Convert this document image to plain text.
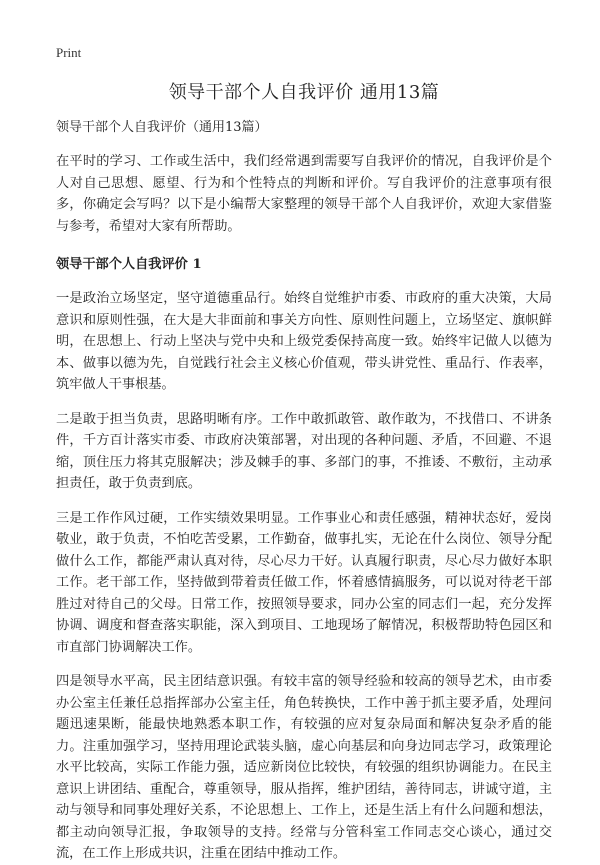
Print

领导干部个人自我评价 通用13篇

领导干部个人自我评价（通用13篇）

在平时的学习、工作或生活中，我们经常遇到需要写自我评价的情况，自我评价是个人对自己思想、愿望、行为和个性特点的判断和评价。写自我评价的注意事项有很多，你确定会写吗？以下是小编帮大家整理的领导干部个人自我评价，欢迎大家借鉴与参考，希望对大家有所帮助。

领导干部个人自我评价 1

一是政治立场坚定，坚守道德重品行。始终自觉维护市委、市政府的重大决策，大局意识和原则性强，在大是大非面前和事关方向性、原则性问题上，立场坚定、旗帜鲜明，在思想上、行动上坚决与党中央和上级党委保持高度一致。始终牢记做人以德为本、做事以德为先，自觉践行社会主义核心价值观，带头讲党性、重品行、作表率，筑牢做人干事根基。

二是敢于担当负责，思路明晰有序。工作中敢抓敢管、敢作敢为，不找借口、不讲条件，千方百计落实市委、市政府决策部署，对出现的各种问题、矛盾，不回避、不退缩，顶住压力将其克服解决；涉及棘手的事、多部门的事，不推诿、不敷衍，主动承担责任，敢于负责到底。

三是工作作风过硬，工作实绩效果明显。工作事业心和责任感强，精神状态好，爱岗敬业，敢于负责，不怕吃苦受累，工作勤奋，做事扎实，无论在什么岗位、领导分配做什么工作，都能严肃认真对待，尽心尽力干好。认真履行职责，尽心尽力做好本职工作。老干部工作，坚持做到带着责任做工作，怀着感情搞服务，可以说对待老干部胜过对待自己的父母。日常工作，按照领导要求，同办公室的同志们一起，充分发挥协调、调度和督查落实职能，深入到项目、工地现场了解情况，积极帮助特色园区和市直部门协调解决工作。

四是领导水平高，民主团结意识强。有较丰富的领导经验和较高的领导艺术，由市委办公室主任兼任总指挥部办公室主任，角色转换快，工作中善于抓主要矛盾，处理问题迅速果断，能最快地熟悉本职工作，有较强的应对复杂局面和解决复杂矛盾的能力。注重加强学习，坚持用理论武装头脑，虚心向基层和向身边同志学习，政策理论水平比较高，实际工作能力强，适应新岗位比较快，有较强的组织协调能力。在民主意识上讲团结、重配合，尊重领导，服从指挥，维护团结，善待同志，讲诚守道，主动与领导和同事处理好关系，不论思想上、工作上，还是生活上有什么问题和想法，都主动向领导汇报，争取领导的支持。经常与分管科室工作同志交心谈心，通过交流，在工作上形成共识，注重在团结中推动工作。
